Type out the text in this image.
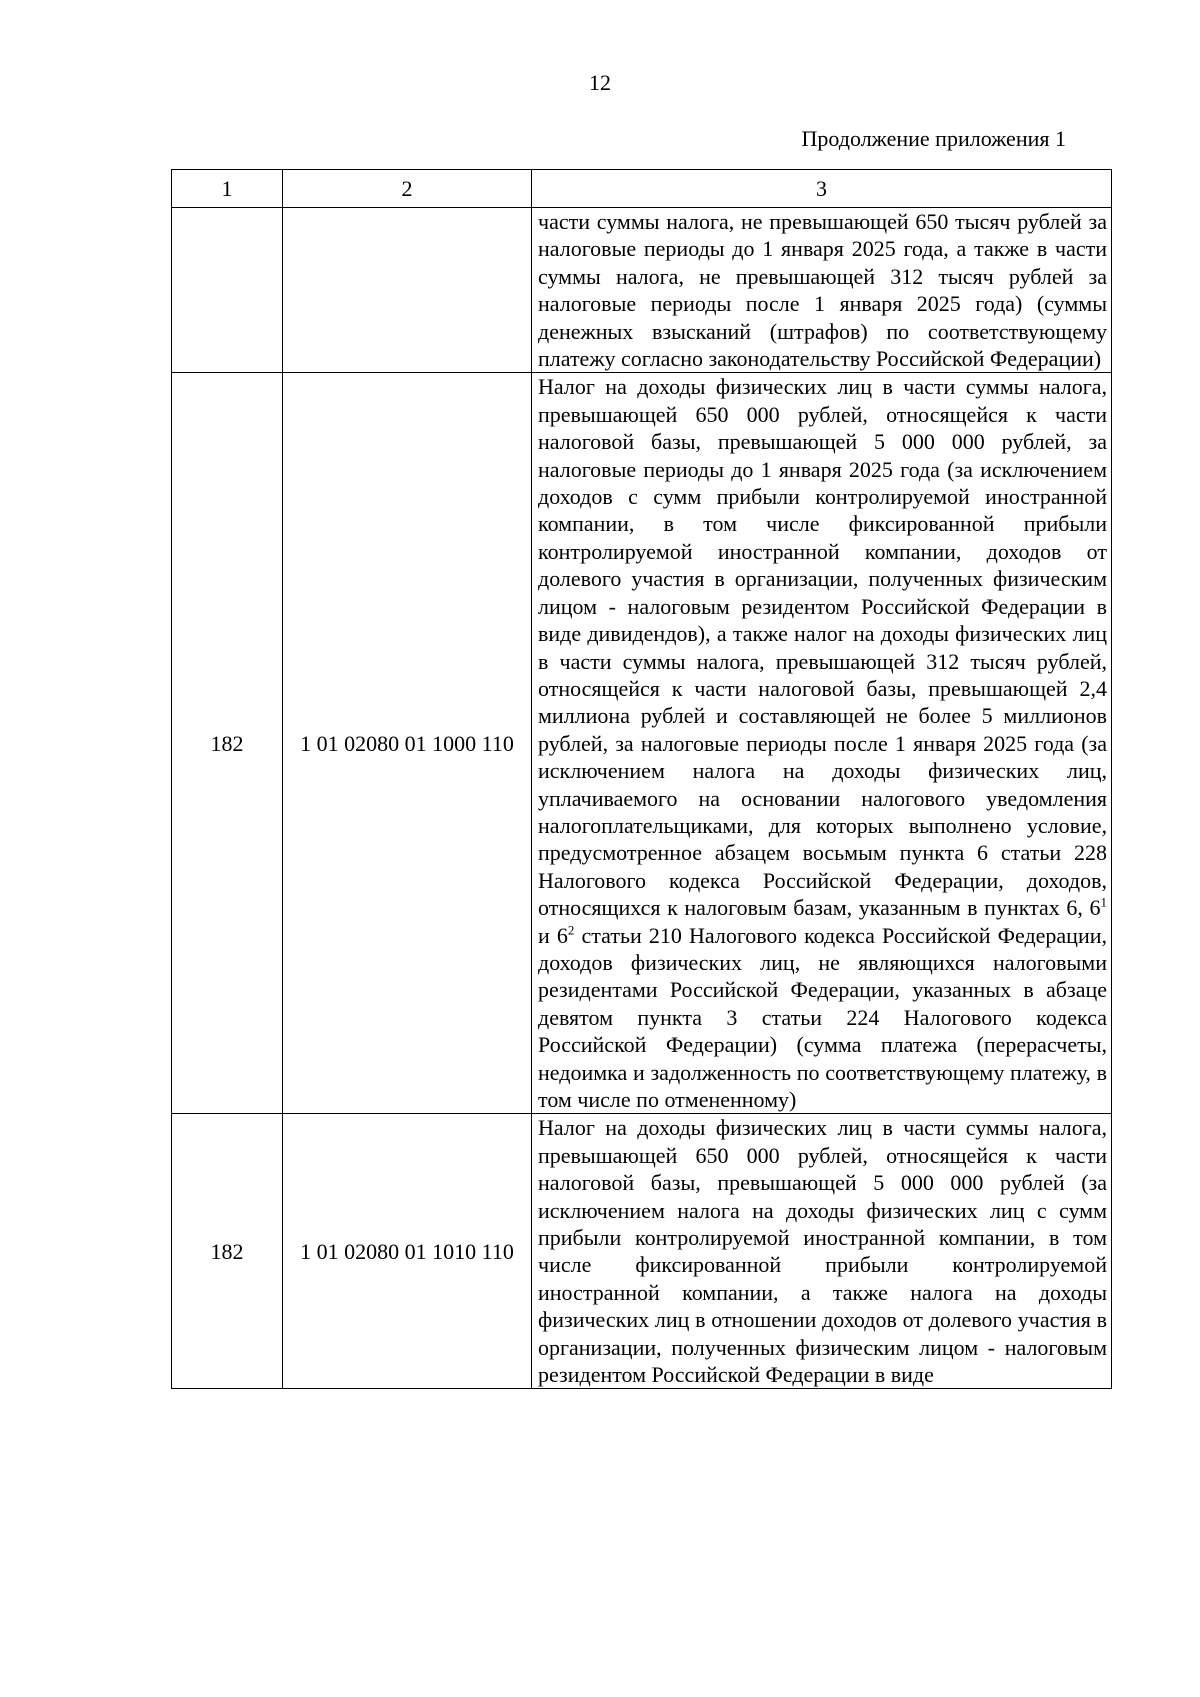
12
Продолжение приложения 1
1	2	3

		части суммы налога, не превышающей 650 тысяч рублей за налоговые периоды до 1 января 2025 года, а также в части суммы налога, не превышающей 312 тысяч рублей за налоговые периоды после 1 января 2025 года) (суммы денежных взысканий (штрафов) по соответствующему платежу согласно законодательству Российской Федерации)

182	1 01 02080 01 1000 110	Налог на доходы физических лиц в части суммы налога, превышающей 650 000 рублей, относящейся к части налоговой базы, превышающей 5 000 000 рублей, за налоговые периоды до 1 января 2025 года (за исключением доходов с сумм прибыли контролируемой иностранной компании, в том числе фиксированной прибыли контролируемой иностранной компании, доходов от долевого участия в организации, полученных физическим лицом - налоговым резидентом Российской Федерации в виде дивидендов), а также налог на доходы физических лиц в части суммы налога, превышающей 312 тысяч рублей, относящейся к части налоговой базы, превышающей 2,4 миллиона рублей и составляющей не более 5 миллионов рублей, за налоговые периоды после 1 января 2025 года (за исключением налога на доходы физических лиц, уплачиваемого на основании налогового уведомления налогоплательщиками, для которых выполнено условие, предусмотренное абзацем восьмым пункта 6 статьи 228 Налогового кодекса Российской Федерации, доходов, относящихся к налоговым базам, указанным в пунктах 6, $6^1$ и $6^2$ статьи 210 Налогового кодекса Российской Федерации, доходов физических лиц, не являющихся налоговыми резидентами Российской Федерации, указанных в абзаце девятом пункта 3 статьи 224 Налогового кодекса Российской Федерации) (сумма платежа (перерасчеты, недоимка и задолженность по соответствующему платежу, в том числе по отмененному)

182	1 01 02080 01 1010 110	Налог на доходы физических лиц в части суммы налога, превышающей 650 000 рублей, относящейся к части налоговой базы, превышающей 5 000 000 рублей (за исключением налога на доходы физических лиц с сумм прибыли контролируемой иностранной компании, в том числе фиксированной прибыли контролируемой иностранной компании, а также налога на доходы физических лиц в отношении доходов от долевого участия в организации, полученных физическим лицом - налоговым резидентом Российской Федерации в виде
